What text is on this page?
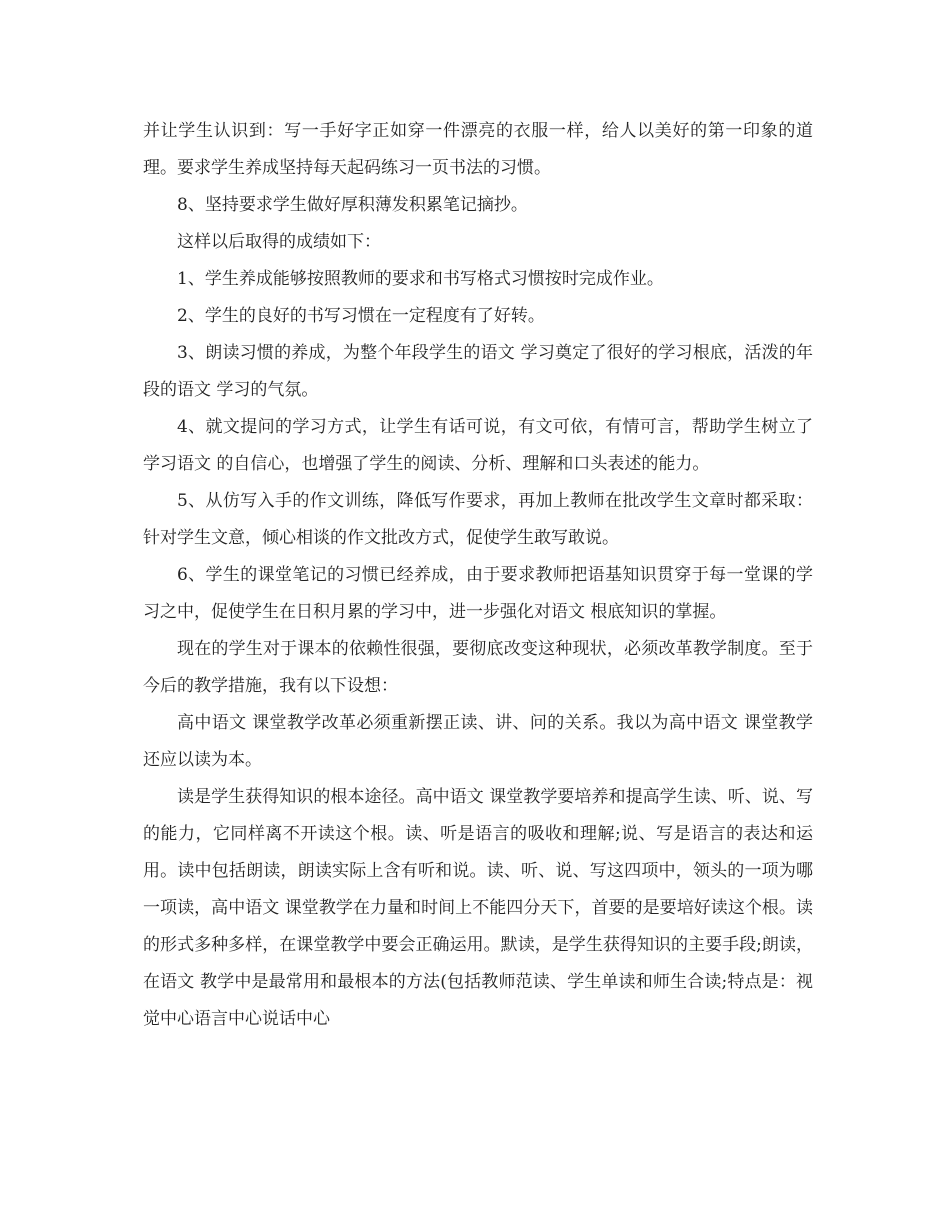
并让学生认识到：写一手好字正如穿一件漂亮的衣服一样，给人以美好的第一印象的道理。要求学生养成坚持每天起码练习一页书法的习惯。

8、坚持要求学生做好厚积薄发积累笔记摘抄。

这样以后取得的成绩如下：

1、学生养成能够按照教师的要求和书写格式习惯按时完成作业。

2、学生的良好的书写习惯在一定程度有了好转。

3、朗读习惯的养成，为整个年段学生的语文 学习奠定了很好的学习根底，活泼的年段的语文 学习的气氛。

4、就文提问的学习方式，让学生有话可说，有文可依，有情可言，帮助学生树立了学习语文 的自信心，也增强了学生的阅读、分析、理解和口头表述的能力。

5、从仿写入手的作文训练，降低写作要求，再加上教师在批改学生文章时都采取：针对学生文意，倾心相谈的作文批改方式，促使学生敢写敢说。

6、学生的课堂笔记的习惯已经养成，由于要求教师把语基知识贯穿于每一堂课的学习之中，促使学生在日积月累的学习中，进一步强化对语文 根底知识的掌握。

现在的学生对于课本的依赖性很强，要彻底改变这种现状，必须改革教学制度。至于今后的教学措施，我有以下设想：

高中语文 课堂教学改革必须重新摆正读、讲、问的关系。我以为高中语文 课堂教学还应以读为本。

读是学生获得知识的根本途径。高中语文 课堂教学要培养和提高学生读、听、说、写的能力，它同样离不开读这个根。读、听是语言的吸收和理解;说、写是语言的表达和运用。读中包括朗读，朗读实际上含有听和说。读、听、说、写这四项中，领头的一项为哪一项读，高中语文 课堂教学在力量和时间上不能四分天下，首要的是要培好读这个根。读的形式多种多样，在课堂教学中要会正确运用。默读，是学生获得知识的主要手段;朗读，在语文 教学中是最常用和最根本的方法(包括教师范读、学生单读和师生合读;特点是：视觉中心语言中心说话中心
